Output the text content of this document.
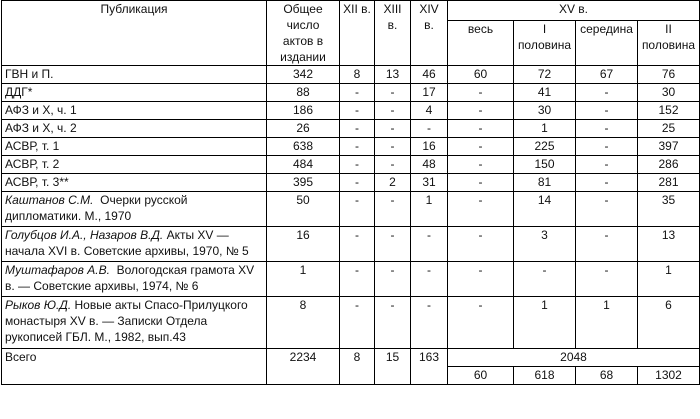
Публикация	Общее число актов в издании	XII в.	XIII в.	XIV в.	XV в.			
					весь	I половина	середина	II половина
ГВН и П.	342	8	13	46	60	72	67	76
ДДГ*	88	-	-	17	-	41	-	30
АФЗ и Х, ч. 1	186	-	-	4	-	30	-	152
АФЗ и Х, ч. 2	26	-	-	-	-	1	-	25
АСВР, т. 1	638	-	-	16	-	225	-	397
АСВР, т. 2	484	-	-	48	-	150	-	286
АСВР, т. 3**	395	-	2	31	-	81	-	281
Каштанов С.М.  Очерки русской дипломатики. М., 1970	50	-	-	1	-	14	-	35
Голубцов И.А., Назаров В.Д. Акты XV — начала XVI в. Советские архивы, 1970, № 5	16	-	-	-	-	3	-	13
Муштафаров А.В.  Вологодская грамота XV в. — Советские архивы, 1974, № 6	1	-	-	-	-	-	-	1
Рыков Ю.Д. Новые акты Спасо-Прилуцкого монастыря XV в. — Записки Отдела рукописей ГБЛ. М., 1982, вып.43	8	-	-	-	-	1	1	6
Всего	2234	8	15	163	2048			
					60	618	68	1302
